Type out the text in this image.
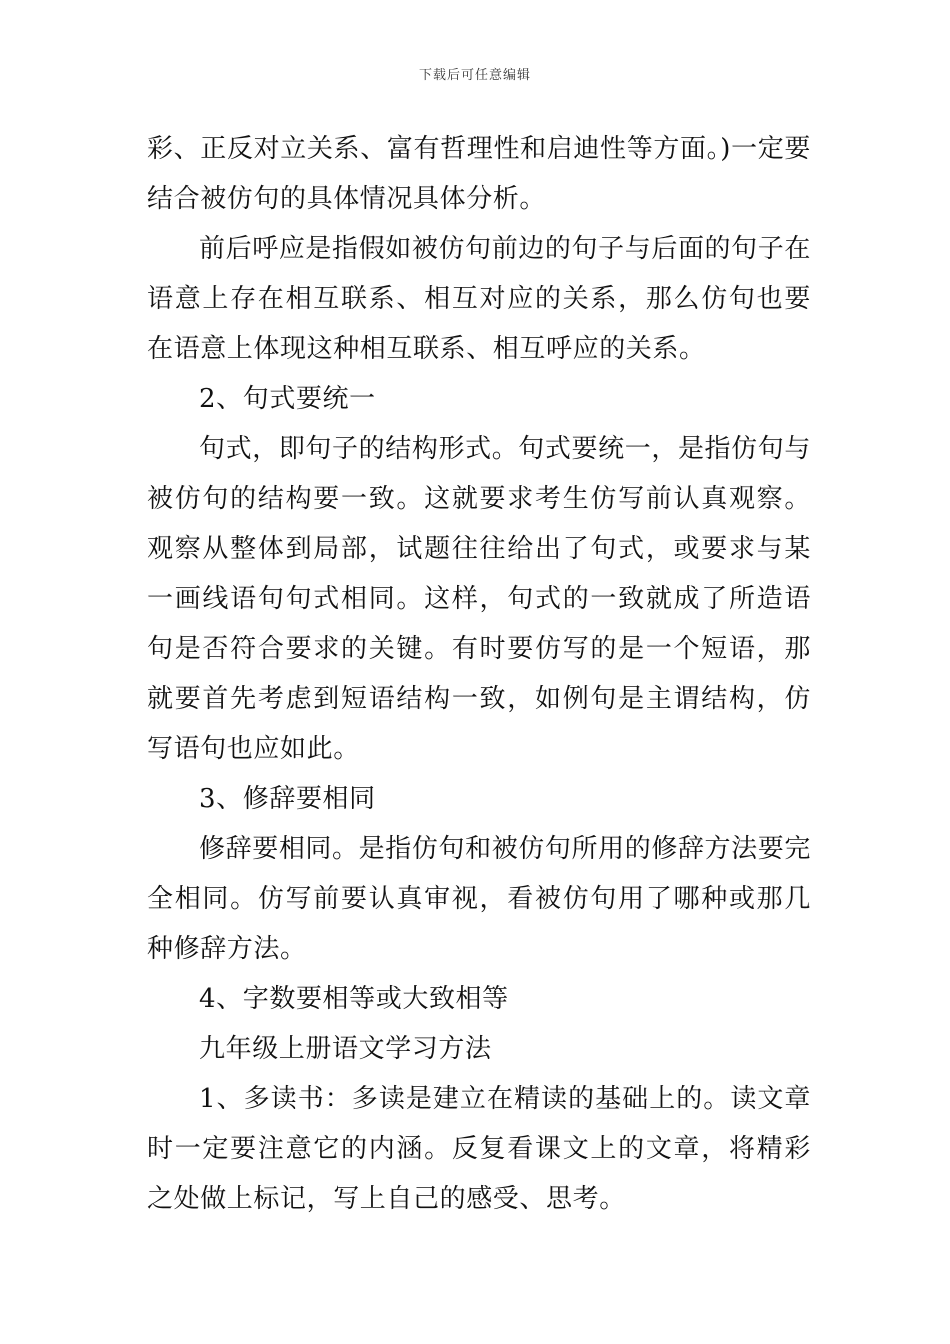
下载后可任意编辑

彩、正反对立关系、富有哲理性和启迪性等方面。)一定要结合被仿句的具体情况具体分析。

前后呼应是指假如被仿句前边的句子与后面的句子在语意上存在相互联系、相互对应的关系，那么仿句也要在语意上体现这种相互联系、相互呼应的关系。

2、句式要统一

句式，即句子的结构形式。句式要统一，是指仿句与被仿句的结构要一致。这就要求考生仿写前认真观察。观察从整体到局部，试题往往给出了句式，或要求与某一画线语句句式相同。这样，句式的一致就成了所造语句是否符合要求的关键。有时要仿写的是一个短语，那就要首先考虑到短语结构一致，如例句是主谓结构，仿写语句也应如此。

3、修辞要相同

修辞要相同。是指仿句和被仿句所用的修辞方法要完全相同。仿写前要认真审视，看被仿句用了哪种或那几种修辞方法。

4、字数要相等或大致相等

九年级上册语文学习方法

1、多读书：多读是建立在精读的基础上的。读文章时一定要注意它的内涵。反复看课文上的文章，将精彩之处做上标记，写上自己的感受、思考。
